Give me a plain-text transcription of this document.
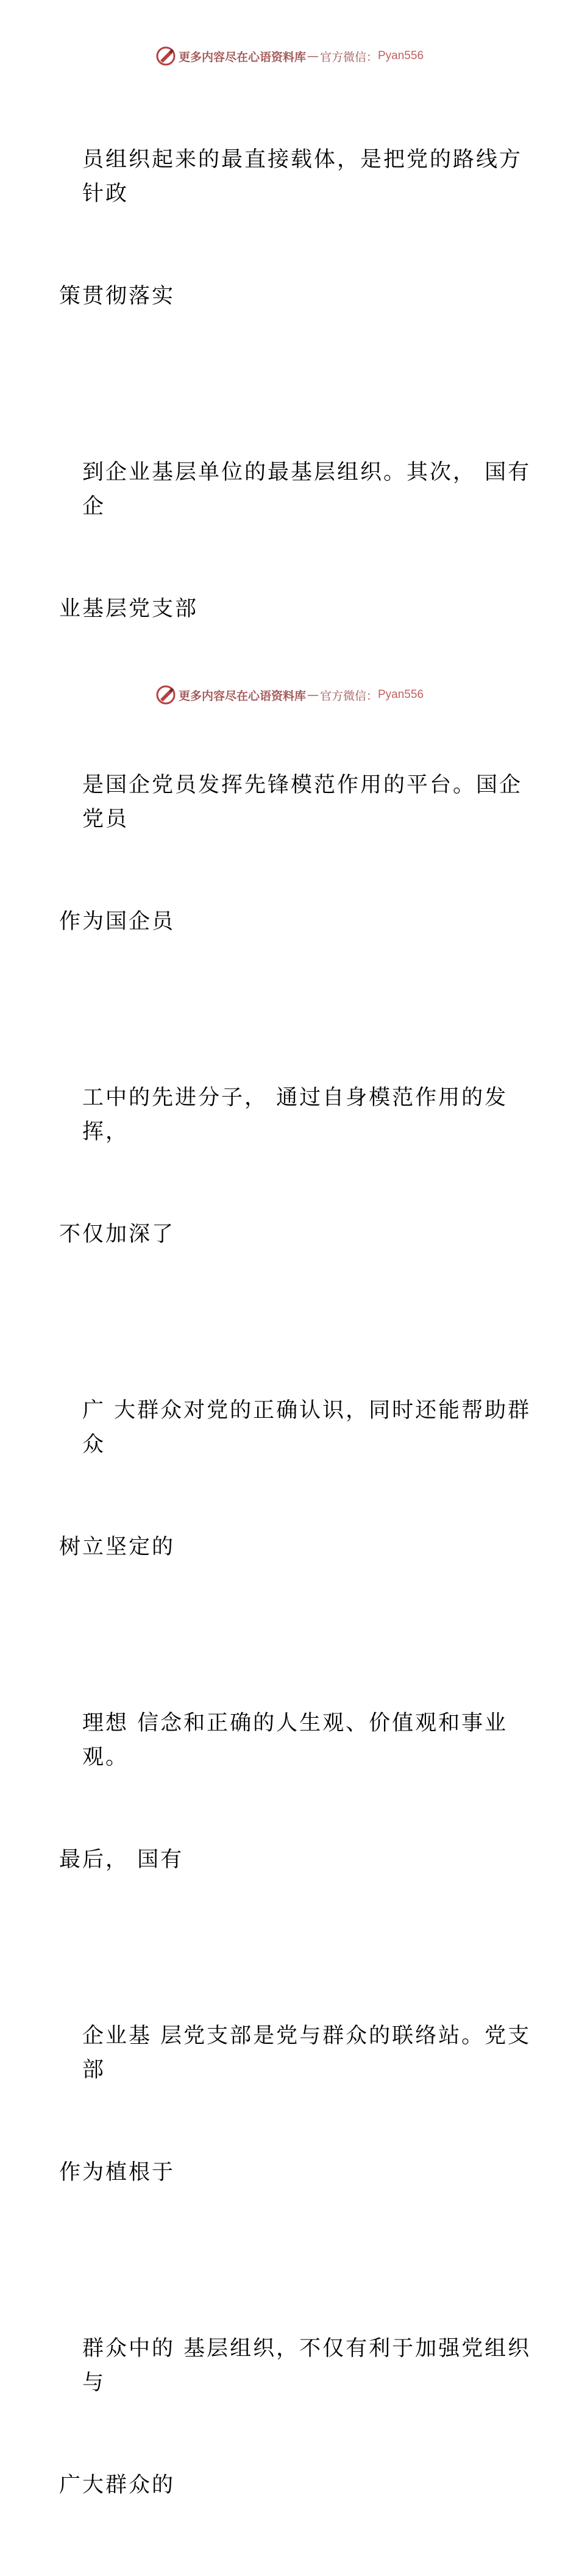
更多内容尽在心语资料库 — 官方微信： Pyan556

员组织起来的最直接载体，是把党的路线方针政

策贯彻落实

到企业基层单位的最基层组织。其次， 国有企

业基层党支部

是国企党员发挥先锋模范作用的平台。国企党员

作为国企员

工中的先进分子， 通过自身模范作用的发挥，

不仅加深了

广 大群众对党的正确认识，同时还能帮助群众

树立坚定的

理想 信念和正确的人生观、价值观和事业观。

最后， 国有

企业基 层党支部是党与群众的联络站。党支部

作为植根于

群众中的 基层组织，不仅有利于加强党组织与

广大群众的

更多内容尽在心语资料库 — 官方微信： Pyan556
